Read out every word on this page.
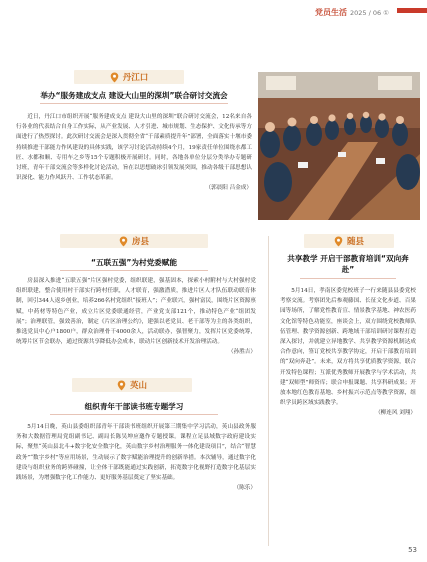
党员生活 2025 / 06 ①
丹江口
举办“服务建成支点 建设大山里的深圳”联合研讨交流会

近日，丹江口市组织开展“服务建成支点 建设大山里的深圳”联合研讨交流会，12名来自各行各业的代表结合自身工作实际，从产业发展、人才引进、城市规划、生态保护、文化传承等方面进行了热烈探讨。此次研讨交流会是深入贯彻全省“千部素质提升年”部署，全面落实十堰市委持续推进干部能力作风建设的具体实践，该学习讨论活动持续4个月，19家责任单位围绕水都工匠、水都和顺、专用车之乡等15个专题积极开展研讨。同时，各地各单位分层分类举办专题研讨班，青年干部交流会等多样化讨论活动，旨在以思想破冰引领发展突围，推动各级干部思想认识深化、能力作风跃升、工作状态革新。

（郭晨阳 吕金成）

房县
“五联五强”为村党委赋能

房县深入推进“五联五强”片区强村党委，组织联建，强基固本，探索小村附村与大村强村党组织联建，整合使用村干部实行跨村任职，人才联育，强激潜质，推进片区人才队伍联动联育体制，回引344人返乡创业，培养266名村党组织“接班人”；产业联兴，强村富民，围绕片区资源禀赋，中药材等特色产业，成立片区党委联通经营，产业党支部121个，推动特色产业“组团发展”；治理联管，强效善治，制定《片区治理公约》，建强以老党员、老干部等为主的各类组织，推选党员中心户1800户，群众治理骨干4000余人，活动联办，强智聚力，发挥片区党委统筹，统筹片区节会联办，通过资源共享降低办会成本，联动片区创新技术开发治理活动。

（孙胜吉）

英山
组织青年干部读书班专题学习

5月14日晚，英山县委组织部青年干部读书班组织开展第三期集中学习活动，英山县政务服务和大数据管理局党组副书记、副局长陈吴坤应邀作专题授课。课程立足县域数字政府建设实际，聚焦“英山县北斗+数字化安全数字化，英山数字乡村治理服务一体化建设项目”，结合“智慧政务”“数字乡村”等应用场景，生动展示了数字赋能治理提升的创新举措。本次辅导，通过数字化建设与组织业务的跨界碰撞，让全体干部既能通过实践创新，拓宽数字化视野打造数字化基层实践场景，为增强数字化工作能力、更好服务基层奠定了坚实基础。

（陈乐）

随县
共享教学 开启干部教育培训“双向奔赴”

5月14日，孝南区委党校班子一行来随县县委党校考察交流。考察团先后参观藤国、长征文化步道、百果园等场所，了解党性教育宣、情景教学基地、神农医药文化馆等特色功能室，座谈会上，双方围绕党校教师队伍管理、教学资源创新、跨地域干部培训研讨课程打造深入探讨，并就建立异地教学、共享教学资源机制达成合作意向，签订党校共享教学协定，开启干部教育培训的“双向奔赴”。未来，双方将共享优质教学资源，联合开发特色课程；互派优秀教师开展教学与学术活动，共建“双师型”师资库；联合申报课题、共享科研成果；开放本地红色教育基地、乡村振兴示范点等教学资源，组织学员跨区域实践教学。

（柳连风 刘翔）

53
